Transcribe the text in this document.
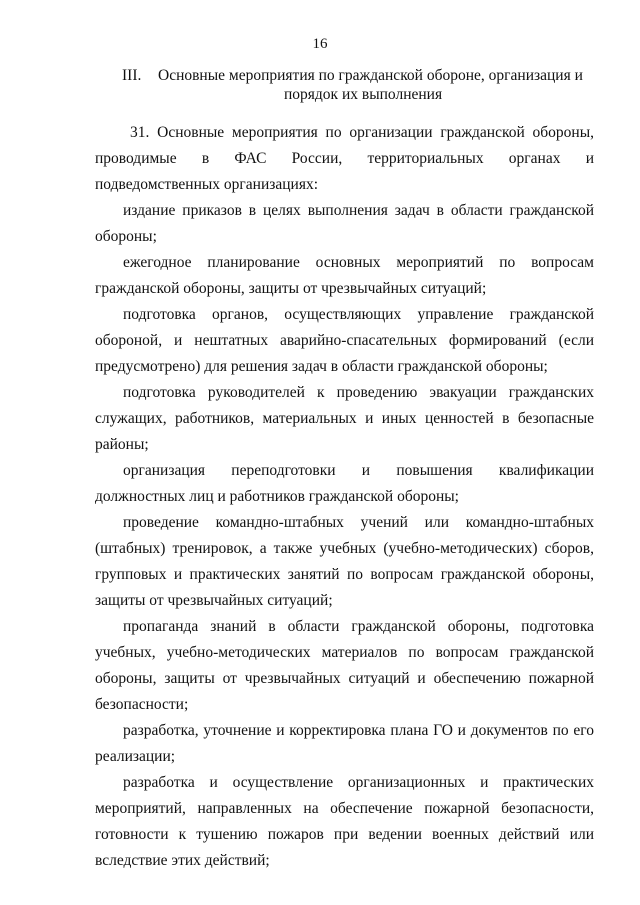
16
III. Основные мероприятия по гражданской обороне, организация и
порядок их выполнения

31. Основные мероприятия по организации гражданской обороны, проводимые в ФАС России, территориальных органах и подведомственных организациях:

издание приказов в целях выполнения задач в области гражданской обороны;

ежегодное планирование основных мероприятий по вопросам гражданской обороны, защиты от чрезвычайных ситуаций;

подготовка органов, осуществляющих управление гражданской обороной, и нештатных аварийно-спасательных формирований (если предусмотрено) для решения задач в области гражданской обороны;

подготовка руководителей к проведению эвакуации гражданских служащих, работников, материальных и иных ценностей в безопасные районы;

организация переподготовки и повышения квалификации должностных лиц и работников гражданской обороны;

проведение командно-штабных учений или командно-штабных (штабных) тренировок, а также учебных (учебно-методических) сборов, групповых и практических занятий по вопросам гражданской обороны, защиты от чрезвычайных ситуаций;

пропаганда знаний в области гражданской обороны, подготовка учебных, учебно-методических материалов по вопросам гражданской обороны, защиты от чрезвычайных ситуаций и обеспечению пожарной безопасности;

разработка, уточнение и корректировка плана ГО и документов по его реализации;

разработка и осуществление организационных и практических мероприятий, направленных на обеспечение пожарной безопасности, готовности к тушению пожаров при ведении военных действий или вследствие этих действий;
